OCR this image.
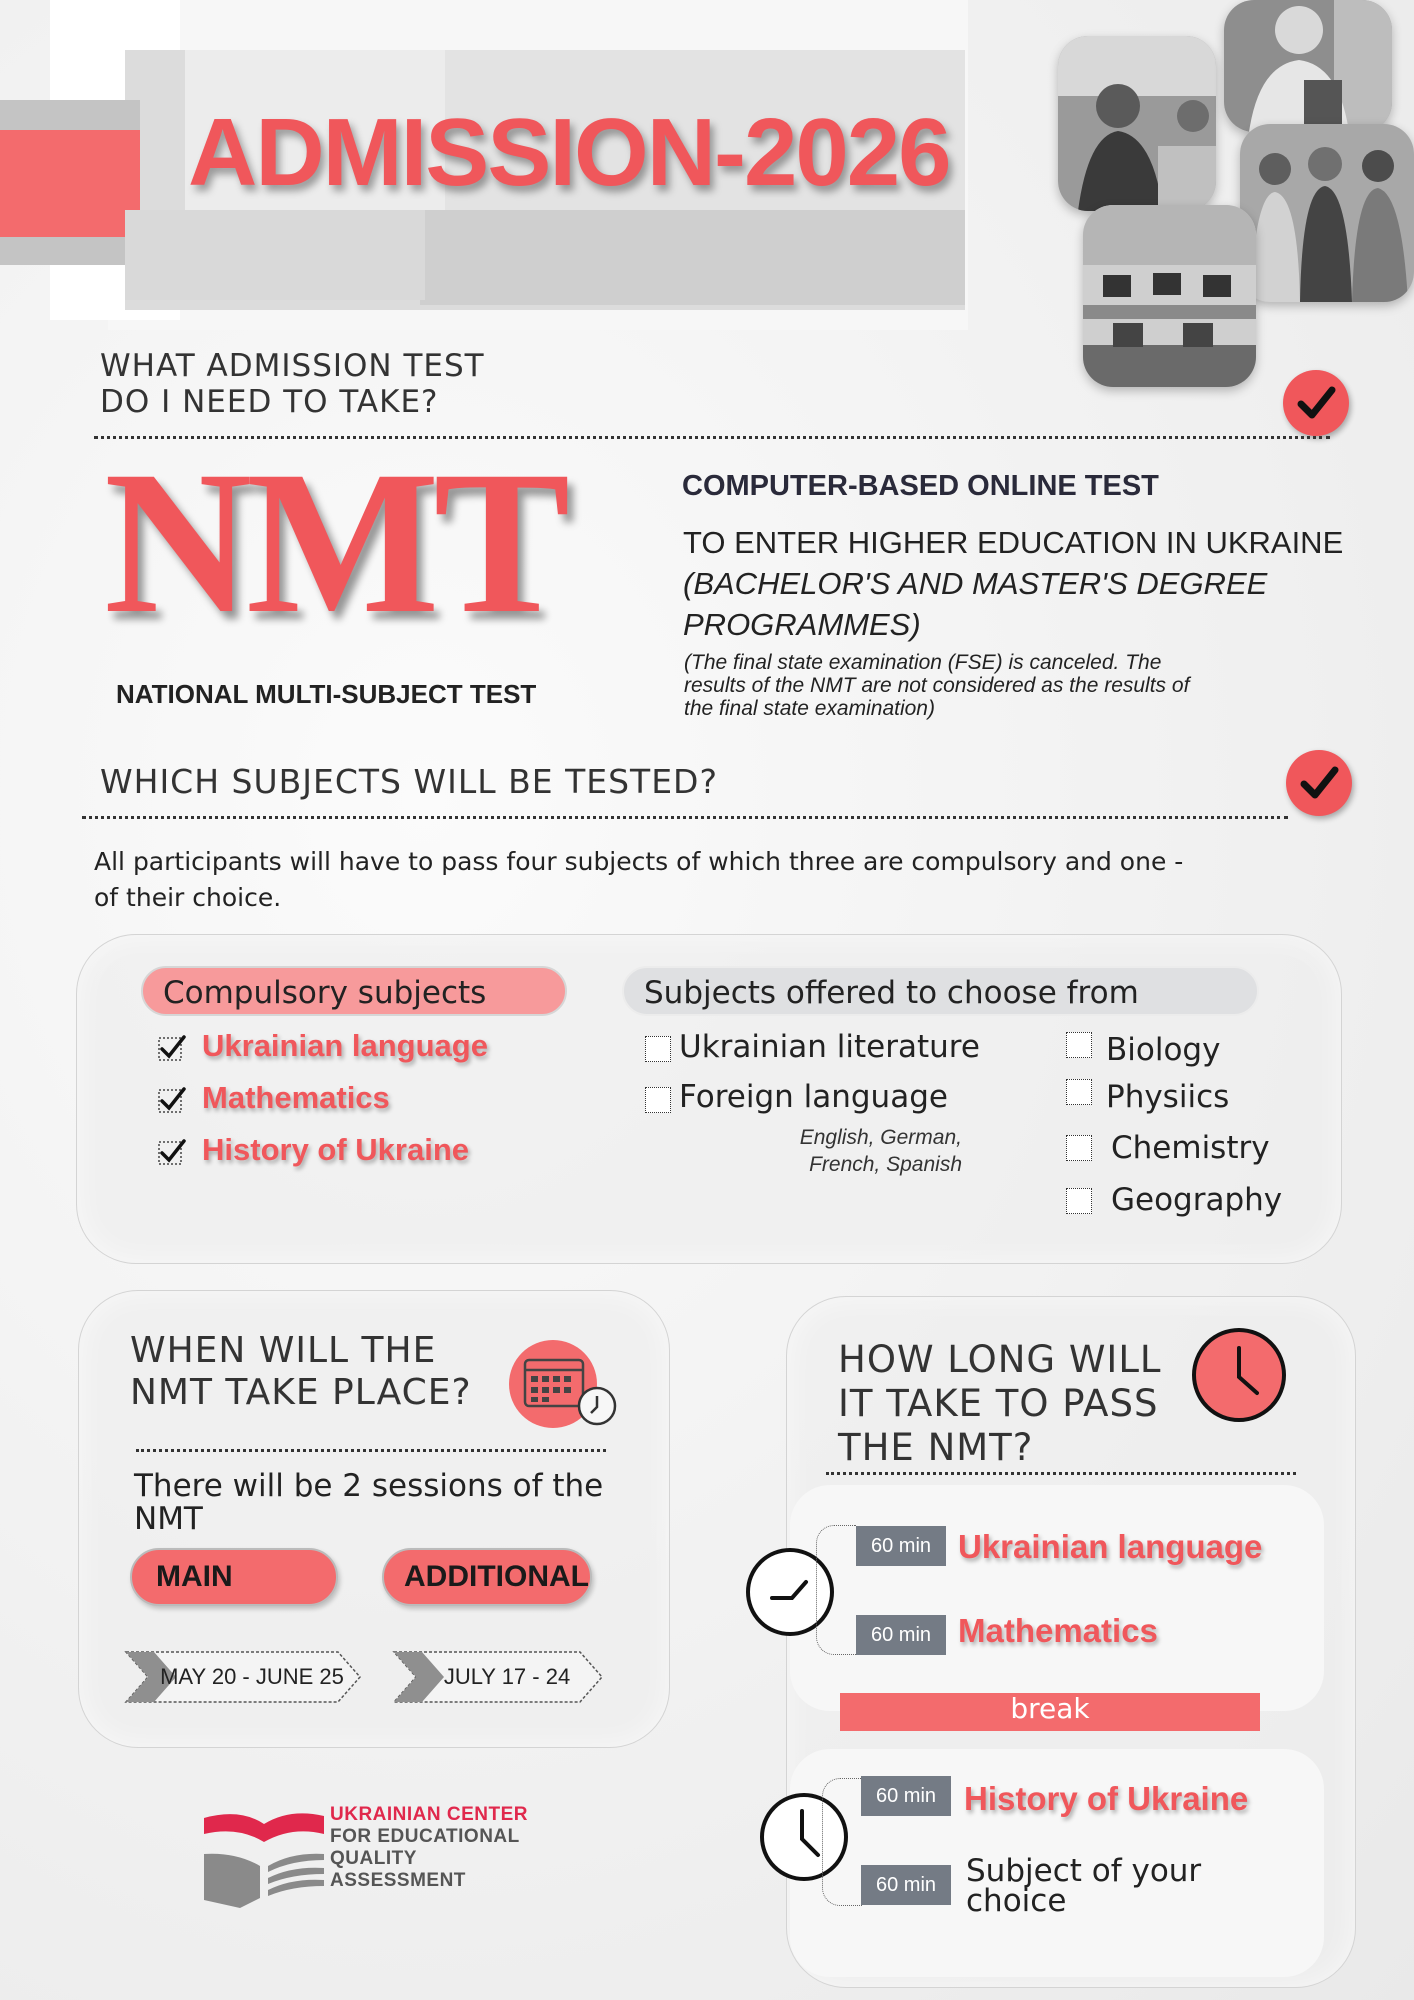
ADMISSION-2026
WHAT ADMISSION TEST
DO I NEED TO TAKE?
NMT
NATIONAL MULTI-SUBJECT TEST
COMPUTER-BASED ONLINE TEST
TO ENTER HIGHER EDUCATION IN UKRAINE
(BACHELOR'S AND MASTER'S DEGREE
PROGRAMMES)
(The final state examination (FSE) is canceled. The
results of the NMT are not considered as the results of
the final state examination)
WHICH SUBJECTS WILL BE TESTED?
All participants will have to pass four subjects of which three are compulsory and one -
of their choice.
Compulsory subjects	Subjects offered to choose from
Ukrainian language
Mathematics
History of Ukraine
Ukrainian literature
Foreign language
English, German,
French, Spanish
Biology
Physiics
Chemistry
Geography
WHEN WILL THE
NMT TAKE PLACE?
There will be 2 sessions of the
NMT
MAIN	ADDITIONAL
MAY 20 - JUNE 25	JULY 17 - 24
HOW LONG WILL
IT TAKE TO PASS
THE NMT?
60 min Ukrainian language
60 min Mathematics
break
60 min History of Ukraine
60 min Subject of your
choice
UKRAINIAN CENTER
FOR EDUCATIONAL
QUALITY
ASSESSMENT
